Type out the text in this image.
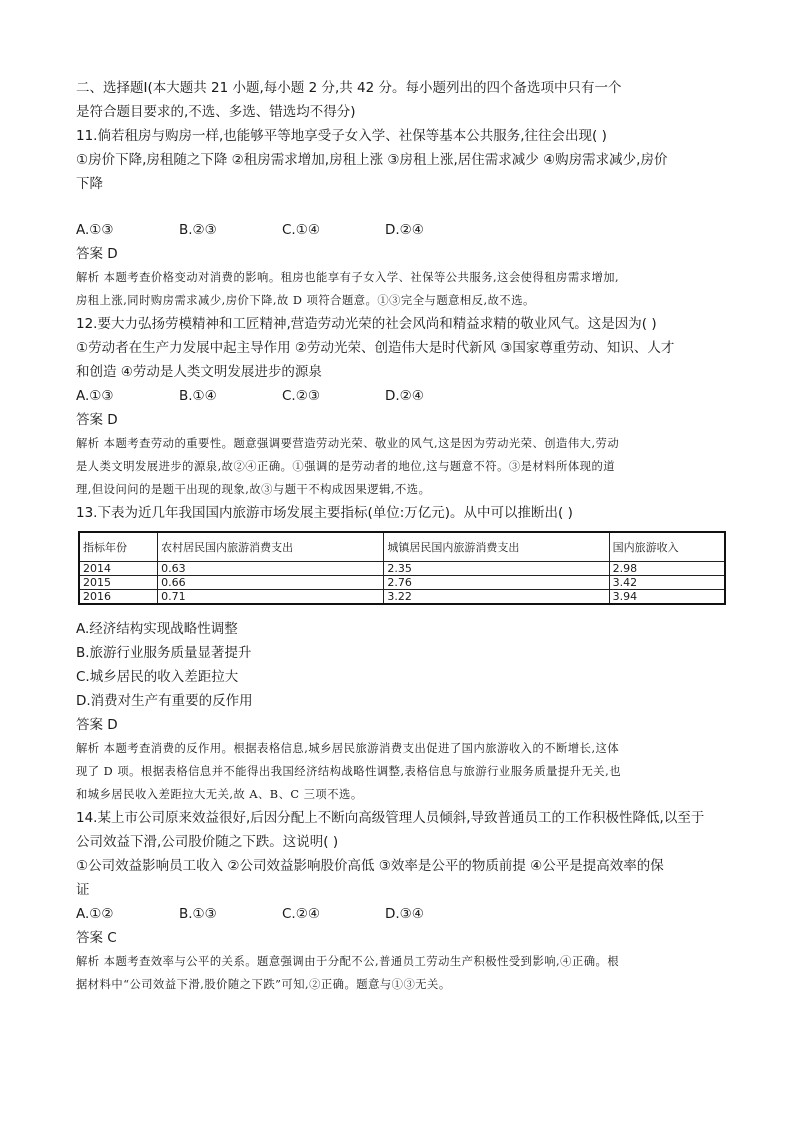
二、选择题Ⅰ(本大题共 21 小题,每小题 2 分,共 42 分。每小题列出的四个备选项中只有一个
是符合题目要求的,不选、多选、错选均不得分)
11.倘若租房与购房一样,也能够平等地享受子女入学、社保等基本公共服务,往往会出现( )
①房价下降,房租随之下降 ②租房需求增加,房租上涨 ③房租上涨,居住需求减少 ④购房需求减少,房价
下降
A.①③	B.②③	C.①④	D.②④
答案 D
解析 本题考查价格变动对消费的影响。租房也能享有子女入学、社保等公共服务,这会使得租房需求增加,
房租上涨,同时购房需求减少,房价下降,故 D 项符合题意。①③完全与题意相反,故不选。
12.要大力弘扬劳模精神和工匠精神,营造劳动光荣的社会风尚和精益求精的敬业风气。这是因为( )
①劳动者在生产力发展中起主导作用 ②劳动光荣、创造伟大是时代新风 ③国家尊重劳动、知识、人才
和创造 ④劳动是人类文明发展进步的源泉
A.①③	B.①④	C.②③	D.②④
答案 D
解析 本题考查劳动的重要性。题意强调要营造劳动光荣、敬业的风气,这是因为劳动光荣、创造伟大,劳动
是人类文明发展进步的源泉,故②④正确。①强调的是劳动者的地位,这与题意不符。③是材料所体现的道
理,但设问问的是题干出现的现象,故③与题干不构成因果逻辑,不选。
13.下表为近几年我国国内旅游市场发展主要指标(单位:万亿元)。从中可以推断出( )
指标年份	农村居民国内旅游消费支出	城镇居民国内旅游消费支出	国内旅游收入
2014	0.63	2.35	2.98
2015	0.66	2.76	3.42
2016	0.71	3.22	3.94
A.经济结构实现战略性调整
B.旅游行业服务质量显著提升
C.城乡居民的收入差距拉大
D.消费对生产有重要的反作用
答案 D
解析 本题考查消费的反作用。根据表格信息,城乡居民旅游消费支出促进了国内旅游收入的不断增长,这体
现了 D 项。根据表格信息并不能得出我国经济结构战略性调整,表格信息与旅游行业服务质量提升无关,也
和城乡居民收入差距拉大无关,故 A、B、C 三项不选。
14.某上市公司原来效益很好,后因分配上不断向高级管理人员倾斜,导致普通员工的工作积极性降低,以至于
公司效益下滑,公司股价随之下跌。这说明( )
①公司效益影响员工收入 ②公司效益影响股价高低 ③效率是公平的物质前提 ④公平是提高效率的保
证
A.①②	B.①③	C.②④	D.③④
答案 C
解析 本题考查效率与公平的关系。题意强调由于分配不公,普通员工劳动生产积极性受到影响,④正确。根
据材料中“公司效益下滑,股价随之下跌”可知,②正确。题意与①③无关。
